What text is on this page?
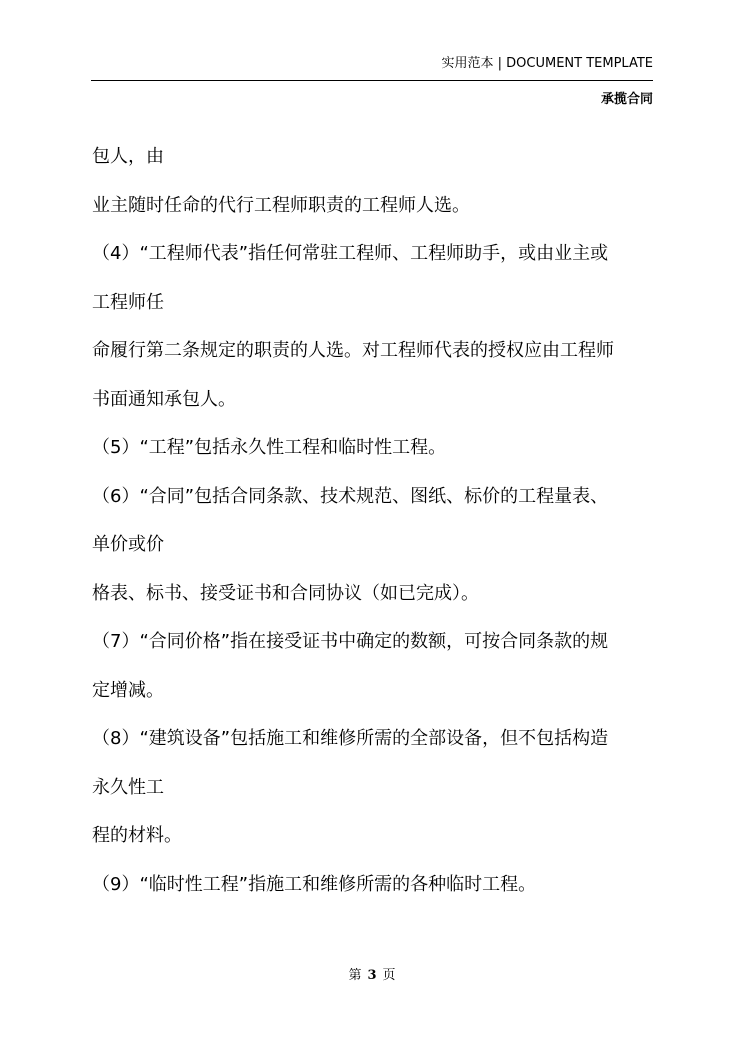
实用范本 | DOCUMENT TEMPLATE
承揽合同
包人，由
业主随时任命的代行工程师职责的工程师人选。
（4）“工程师代表”指任何常驻工程师、工程师助手，或由业主或
工程师任
命履行第二条规定的职责的人选。对工程师代表的授权应由工程师
书面通知承包人。
（5）“工程”包括永久性工程和临时性工程。
（6）“合同”包括合同条款、技术规范、图纸、标价的工程量表、
单价或价
格表、标书、接受证书和合同协议（如已完成）。
（7）“合同价格”指在接受证书中确定的数额，可按合同条款的规
定增减。
（8）“建筑设备”包括施工和维修所需的全部设备，但不包括构造
永久性工
程的材料。
（9）“临时性工程”指施工和维修所需的各种临时工程。
第 3 页
